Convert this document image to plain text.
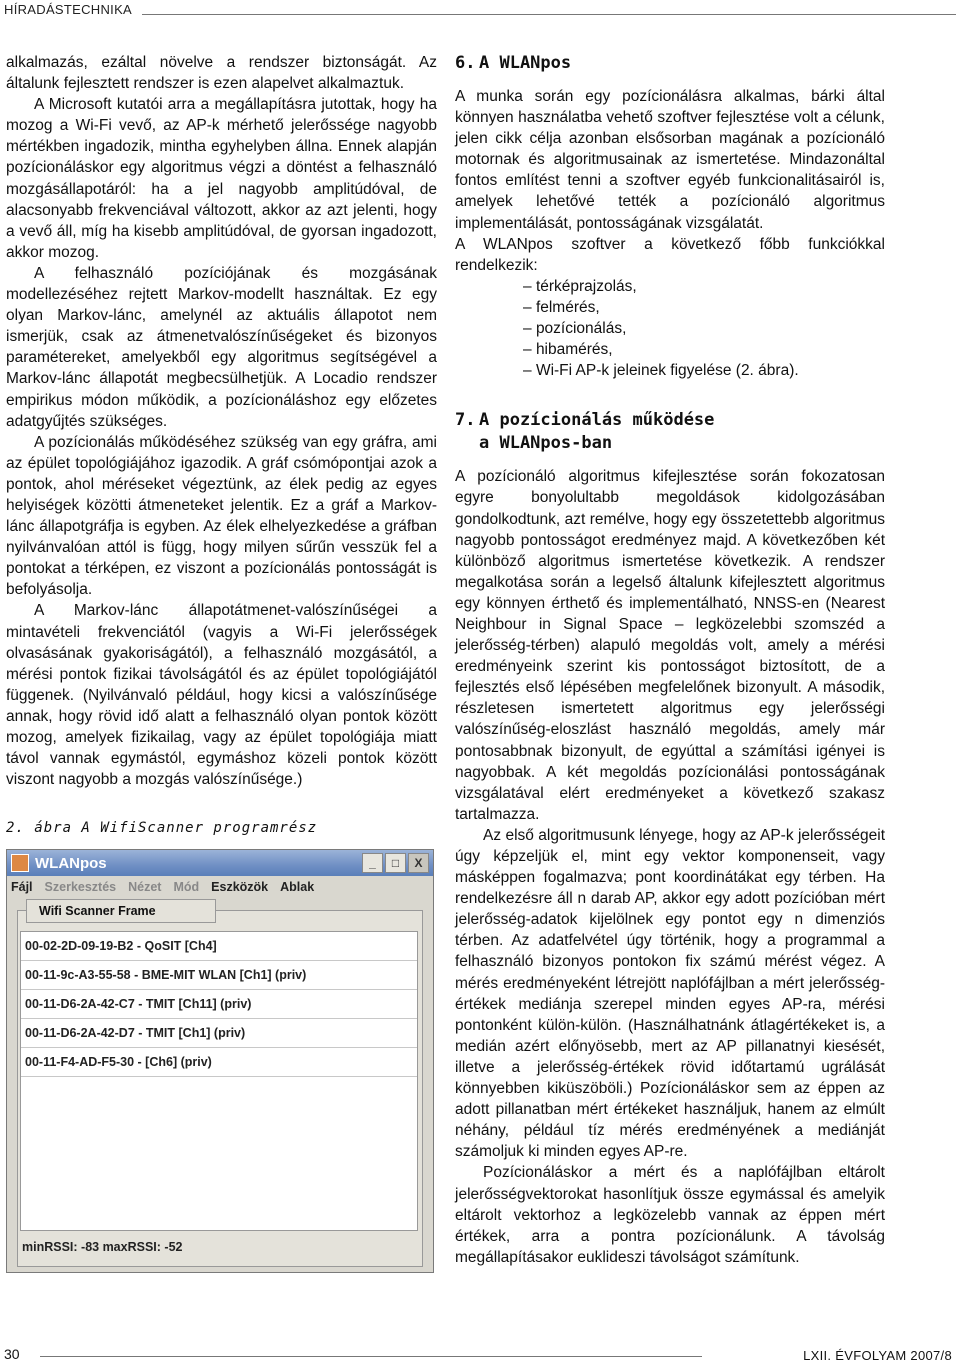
HÍRADÁSTECHNIKA

alkalmazás, ezáltal növelve a rendszer biztonságát. Az általunk fejlesztett rendszer is ezen alapelvet alkalmaztuk.

A Microsoft kutatói arra a megállapításra jutottak, hogy ha mozog a Wi-Fi vevő, az AP-k mérhető jelerőssége nagyobb mértékben ingadozik, mintha egyhelyben állna. Ennek alapján pozícionáláskor egy algoritmus végzi a döntést a felhasználó mozgásállapotáról: ha a jel nagyobb amplitúdóval, de alacsonyabb frekvenciával változott, akkor az azt jelenti, hogy a vevő áll, míg ha kisebb amplitúdóval, de gyorsan ingadozott, akkor mozog.

A felhasználó pozíciójának és mozgásának modellezéséhez rejtett Markov-modellt használtak. Ez egy olyan Markov-lánc, amelynél az aktuális állapotot nem ismerjük, csak az átmenetvalószínűségeket és bizonyos paramétereket, amelyekből egy algoritmus segítségével a Markov-lánc állapotát megbecsülhetjük. A Locadio rendszer empirikus módon működik, a pozícionáláshoz egy előzetes adatgyűjtés szükséges.

A pozícionálás működéséhez szükség van egy gráfra, ami az épület topológiájához igazodik. A gráf csómópontjai azok a pontok, ahol méréseket végeztünk, az élek pedig az egyes helyiségek közötti átmeneteket jelentik. Ez a gráf a Markov-lánc állapotgráfja is egyben. Az élek elhelyezkedése a gráfban nyilvánvalóan attól is függ, hogy milyen sűrűn vesszük fel a pontokat a térképen, ez viszont a pozícionálás pontosságát is befolyásolja.

A Markov-lánc állapotátmenet-valószínűségei a mintavételi frekvenciától (vagyis a Wi-Fi jelerősségek olvasásának gyakoriságától), a felhasználó mozgásától, a mérési pontok fizikai távolságától és az épület topológiájától függenek. (Nyilvánvaló például, hogy kicsi a valószínűsége annak, hogy rövid idő alatt a felhasználó olyan pontok között mozog, amelyek fizikailag, vagy az épület topológiája miatt távol vannak egymástól, egymáshoz közeli pontok között viszont nagyobb a mozgás valószínűsége.)

2. ábra A WifiScanner programrész
WLANpos	_	□	X
Fájl Szerkesztés Nézet Mód Eszközök Ablak
Wifi Scanner Frame
00-02-2D-09-19-B2 - QoSIT [Ch4]
00-11-9c-A3-55-58 - BME-MIT WLAN [Ch1] (priv)
00-11-D6-2A-42-C7 - TMIT [Ch11] (priv)
00-11-D6-2A-42-D7 - TMIT [Ch1] (priv)
00-11-F4-AD-F5-30 - [Ch6] (priv)
minRSSI: -83 maxRSSI: -52
6. A WLANpos

A munka során egy pozícionálásra alkalmas, bárki által könnyen használatba vehető szoftver fejlesztése volt a célunk, jelen cikk célja azonban elsősorban magának a pozícionáló motornak és algoritmusainak az ismertetése. Mindazonáltal fontos említést tenni a szoftver egyéb funkcionalitásairól is, amelyek lehetővé tették a pozícionáló algoritmus implementálását, pontosságának vizsgálatát.

A WLANpos szoftver a következő főbb funkciókkal rendelkezik:

– térképrajzolás,
– felmérés,
– pozícionálás,
– hibamérés,
– Wi-Fi AP-k jeleinek figyelése (2. ábra).
7. A pozícionálás működése
a WLANpos-ban

A pozícionáló algoritmus kifejlesztése során fokozatosan egyre bonyolultabb megoldások kidolgozásában gondolkodtunk, azt remélve, hogy egy összetettebb algoritmus nagyobb pontosságot eredményez majd. A következőben két különböző algoritmus ismertetése következik. A rendszer megalkotása során a legelső általunk kifejlesztett algoritmus egy könnyen érthető és implementálható, NNSS-en (Nearest Neighbour in Signal Space – legközelebbi szomszéd a jelerősség-térben) alapuló megoldás volt, amely a mérési eredményeink szerint kis pontosságot biztosított, de a fejlesztés első lépésében megfelelőnek bizonyult. A második, részletesen ismertetett algoritmus egy jelerősségi valószínűség-eloszlást használó megoldás, amely már pontosabbnak bizonyult, de egyúttal a számítási igényei is nagyobbak. A két megoldás pozícionálási pontosságának vizsgálatával elért eredményeket a következő szakasz tartalmazza.

Az első algoritmusunk lényege, hogy az AP-k jelerősségeit úgy képzeljük el, mint egy vektor komponenseit, vagy másképpen fogalmazva; pont koordinátákat egy térben. Ha rendelkezésre áll n darab AP, akkor egy adott pozícióban mért jelerősség-adatok kijelölnek egy pontot egy n dimenziós térben. Az adatfelvétel úgy történik, hogy a programmal a felhasználó bizonyos pontokon fix számú mérést végez. A mérés eredményeként létrejött naplófájlban a mért jelerősség-értékek mediánja szerepel minden egyes AP-ra, mérési pontonként külön-külön. (Használhatnánk átlagértékeket is, a medián azért előnyösebb, mert az AP pillanatnyi kiesését, illetve a jelerősség-értékek rövid időtartamú ugrálását könnyebben kiküszöböli.) Pozícionáláskor sem az éppen az adott pillanatban mért értékeket használjuk, hanem az elmúlt néhány, például tíz mérés eredményének a mediánját számoljuk ki minden egyes AP-re.

Pozícionáláskor a mért és a naplófájlban eltárolt jelerősségvektorokat hasonlítjuk össze egymással és amelyik eltárolt vektorhoz a legközelebb vannak az éppen mért értékek, arra a pontra pozícionálunk. A távolság megállapításakor euklideszi távolságot számítunk.

30	LXII. ÉVFOLYAM 2007/8
